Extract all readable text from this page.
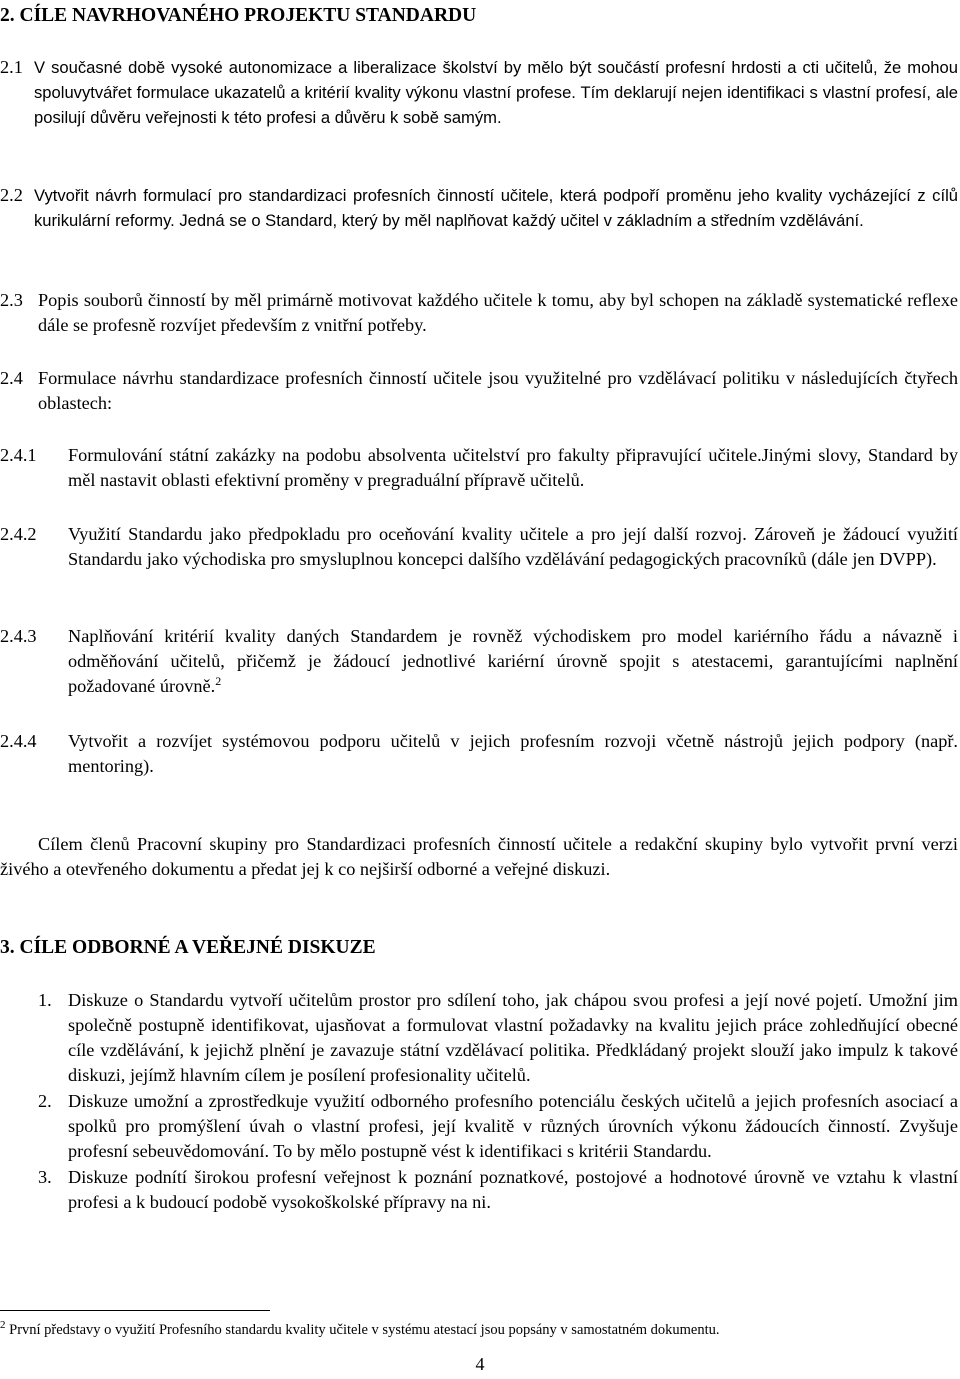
2. CÍLE NAVRHOVANÉHO PROJEKTU STANDARDU
2.1 V současné době vysoké autonomizace a liberalizace školství by mělo být součástí profesní hrdosti a cti učitelů, že mohou spoluvytvářet formulace ukazatelů a kritérií kvality výkonu vlastní profese. Tím deklarují nejen identifikaci s vlastní profesí, ale posilují důvěru veřejnosti k této profesi a důvěru k sobě samým.
2.2 Vytvořit návrh formulací pro standardizaci profesních činností učitele, která podpoří proměnu jeho kvality vycházející z cílů kurikulární reformy. Jedná se o Standard, který by měl naplňovat každý učitel v základním a středním vzdělávání.
2.3 Popis souborů činností by měl primárně motivovat každého učitele k tomu, aby byl schopen na základě systematické reflexe dále se profesně rozvíjet především z vnitřní potřeby.
2.4 Formulace návrhu standardizace profesních činností učitele jsou využitelné pro vzdělávací politiku v následujících čtyřech oblastech:
2.4.1	Formulování státní zakázky na podobu absolventa učitelství pro fakulty připravující učitele.Jinými slovy, Standard by měl nastavit oblasti efektivní proměny v pregraduální přípravě učitelů.
2.4.2	Využití Standardu jako předpokladu pro oceňování kvality učitele a pro její další rozvoj. Zároveň je žádoucí využití Standardu jako východiska pro smysluplnou koncepci dalšího vzdělávání pedagogických pracovníků (dále jen DVPP).
2.4.3	Naplňování kritérií kvality daných Standardem je rovněž východiskem pro model kariérního řádu a návazně i odměňování učitelů, přičemž je žádoucí jednotlivé kariérní úrovně spojit s atestacemi, garantujícími naplnění požadované úrovně.$^2$
2.4.4	Vytvořit a rozvíjet systémovou podporu učitelů v jejich profesním rozvoji včetně nástrojů jejich podpory (např. mentoring).
Cílem členů Pracovní skupiny pro Standardizaci profesních činností učitele a redakční skupiny bylo vytvořit první verzi živého a otevřeného dokumentu a předat jej k co nejširší odborné a veřejné diskuzi.
3. CÍLE ODBORNÉ A VEŘEJNÉ DISKUZE
1. Diskuze o Standardu vytvoří učitelům prostor pro sdílení toho, jak chápou svou profesi a její nové pojetí. Umožní jim společně postupně identifikovat, ujasňovat a formulovat vlastní požadavky na kvalitu jejich práce zohledňující obecné cíle vzdělávání, k jejichž plnění je zavazuje státní vzdělávací politika. Předkládaný projekt slouží jako impulz k takové diskuzi, jejímž hlavním cílem je posílení profesionality učitelů.
2. Diskuze umožní a zprostředkuje využití odborného profesního potenciálu českých učitelů a jejich profesních asociací a spolků pro promýšlení úvah o vlastní profesi, její kvalitě v různých úrovních výkonu žádoucích činností. Zvyšuje profesní sebeuvědomování. To by mělo postupně vést k identifikaci s kritérii Standardu.
3. Diskuze podnítí širokou profesní veřejnost k poznání poznatkové, postojové a hodnotové úrovně ve vztahu k vlastní profesi a k budoucí podobě vysokoškolské přípravy na ni.
$^2$ První představy o využití Profesního standardu kvality učitele v systému atestací jsou popsány v samostatném dokumentu.
4
